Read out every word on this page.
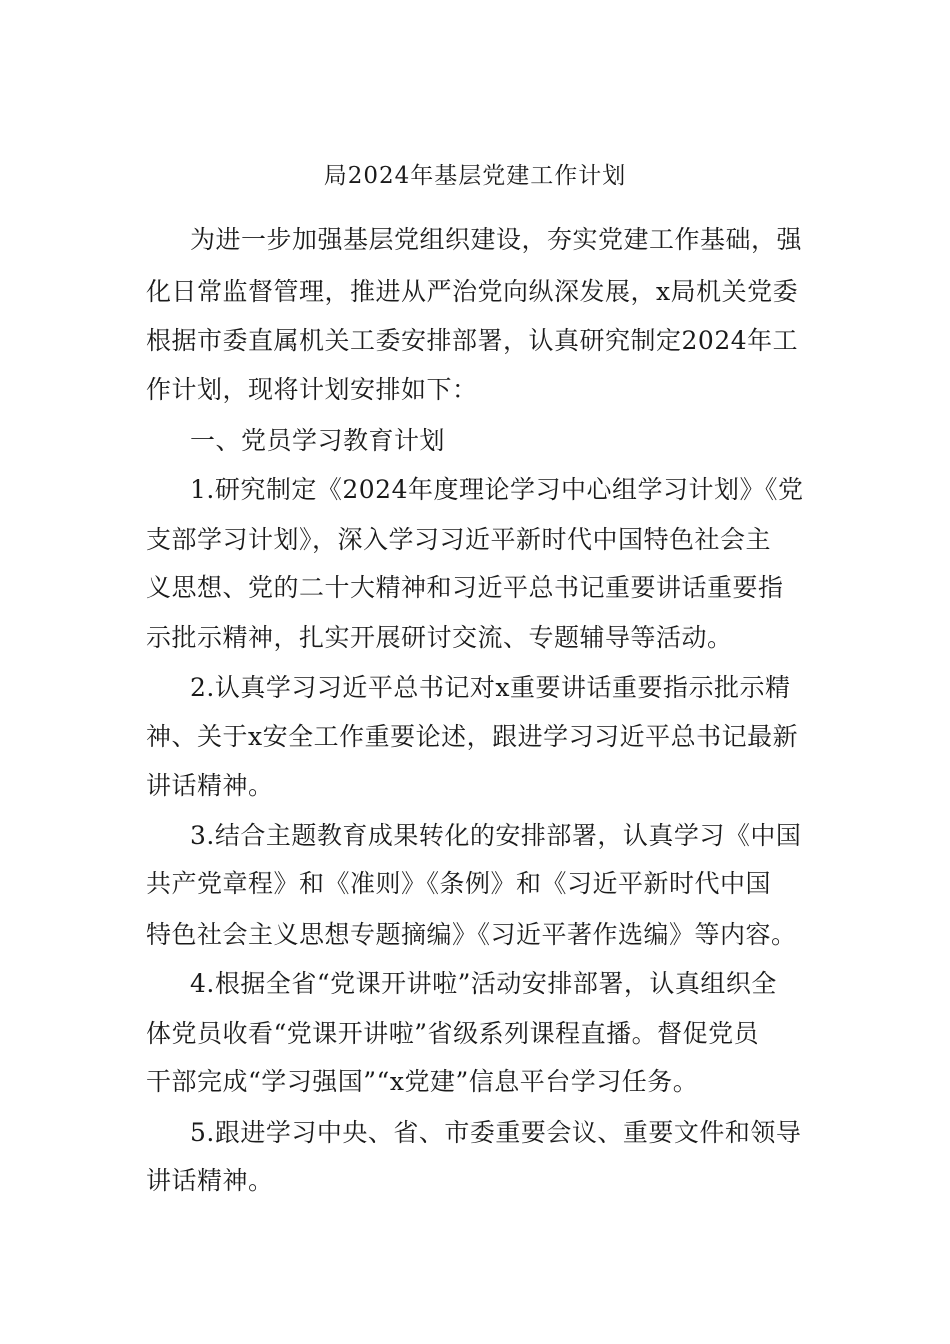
局2024年基层党建工作计划
为进一步加强基层党组织建设，夯实党建工作基础，强
化日常监督管理，推进从严治党向纵深发展，x局机关党委
根据市委直属机关工委安排部署，认真研究制定2024年工
作计划，现将计划安排如下：
一、党员学习教育计划
1.研究制定《2024年度理论学习中心组学习计划》《党
支部学习计划》，深入学习习近平新时代中国特色社会主
义思想、党的二十大精神和习近平总书记重要讲话重要指
示批示精神，扎实开展研讨交流、专题辅导等活动。
2.认真学习习近平总书记对x重要讲话重要指示批示精
神、关于x安全工作重要论述，跟进学习习近平总书记最新
讲话精神。
3.结合主题教育成果转化的安排部署，认真学习《中国
共产党章程》和《准则》《条例》和《习近平新时代中国
特色社会主义思想专题摘编》《习近平著作选编》等内容。
4.根据全省“党课开讲啦”活动安排部署，认真组织全
体党员收看“党课开讲啦”省级系列课程直播。督促党员
干部完成“学习强国”“x党建”信息平台学习任务。
5.跟进学习中央、省、市委重要会议、重要文件和领导
讲话精神。
